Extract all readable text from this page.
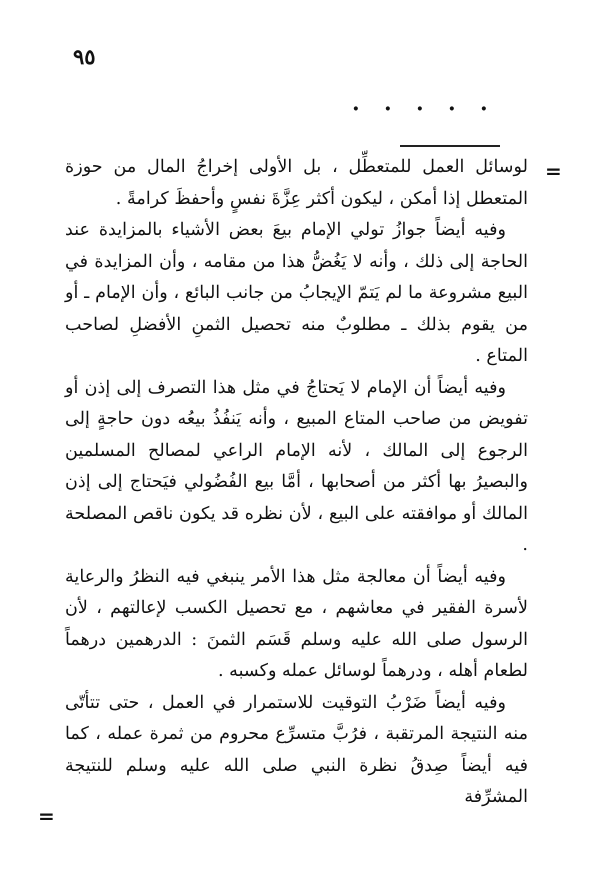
٩٥
· · · · ·
=

لوسائل العمل للمتعطِّل ، بل الأولى إخراجُ المال من حوزة المتعطل إذا أمكن ، ليكون أكثر عِزَّةَ نفسٍ وأحفظَ كرامةً .

وفيه أيضاً جوازُ تولي الإمام بيعَ بعض الأشياء بالمزايدة عند الحاجة إلى ذلك ، وأنه لا يَغُضُّ هذا من مقامه ، وأن المزايدة في البيع مشروعة ما لم يَتمّ الإيجابُ من جانب البائع ، وأن الإمام ـ أو من يقوم بذلك ـ مطلوبٌ منه تحصيل الثمنِ الأفضلِ لصاحب المتاع .

وفيه أيضاً أن الإمام لا يَحتاجُ في مثل هذا التصرف إلى إذن أو تفويض من صاحب المتاع المبيع ، وأنه يَنفُذُ بيعُه دون حاجةٍ إلى الرجوع إلى المالك ، لأنه الإمام الراعي لمصالح المسلمين والبصيرُ بها أكثر من أصحابها ، أمَّا بيع الفُضُولي فيَحتاج إلى إذن المالك أو موافقته على البيع ، لأن نظره قد يكون ناقص المصلحة .

وفيه أيضاً أن معالجة مثل هذا الأمر ينبغي فيه النظرُ والرعاية لأسرة الفقير في معاشهم ، مع تحصيل الكسب لإعالتهم ، لأن الرسول صلى الله عليه وسلم قَسَم الثمنَ : الدرهمين درهماً لطعام أهله ، ودرهماً لوسائل عمله وكسبه .

وفيه أيضاً ضَرْبُ التوقيت للاستمرار في العمل ، حتى تتأتّى منه النتيجة المرتقبة ، فرُبَّ متسرِّع محروم من ثمرة عمله ، كما فيه أيضاً صِدقُ نظرة النبي صلى الله عليه وسلم للنتيجة المشرِّفة

=
